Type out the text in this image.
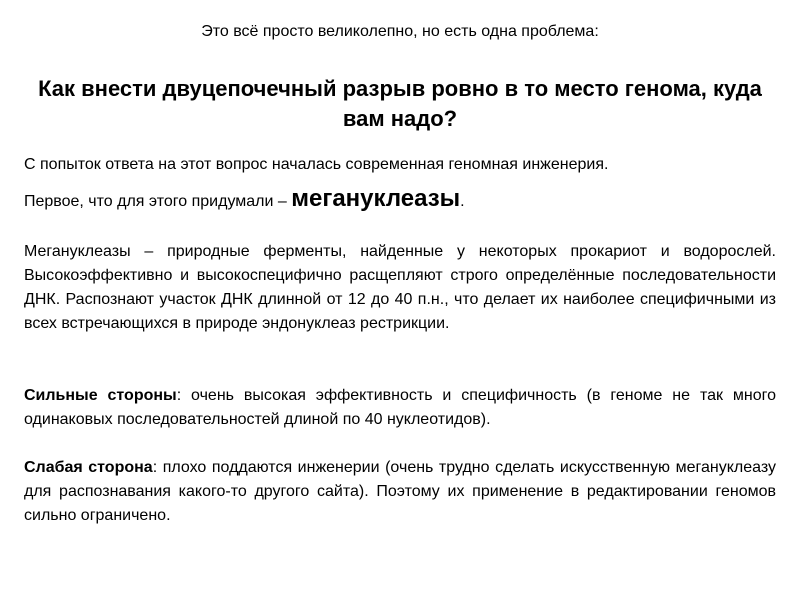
Это всё просто великолепно, но есть одна проблема:
Как внести двуцепочечный разрыв ровно в то место генома, куда вам надо?
С попыток ответа на этот вопрос началась современная геномная инженерия.
Первое, что для этого придумали – мегануклеазы.
Мегануклеазы – природные ферменты, найденные у некоторых прокариот и водорослей. Высокоэффективно и высокоспецифично расщепляют строго определённые последовательности ДНК. Распознают участок ДНК длинной от 12 до 40 п.н., что делает их наиболее специфичными из всех встречающихся в природе эндонуклеаз рестрикции.
Сильные стороны: очень высокая эффективность и специфичность (в геноме не так много одинаковых последовательностей длиной по 40 нуклеотидов).
Слабая сторона: плохо поддаются инженерии (очень трудно сделать искусственную мегануклеазу для распознавания какого-то другого сайта). Поэтому их применение в редактировании геномов сильно ограничено.
